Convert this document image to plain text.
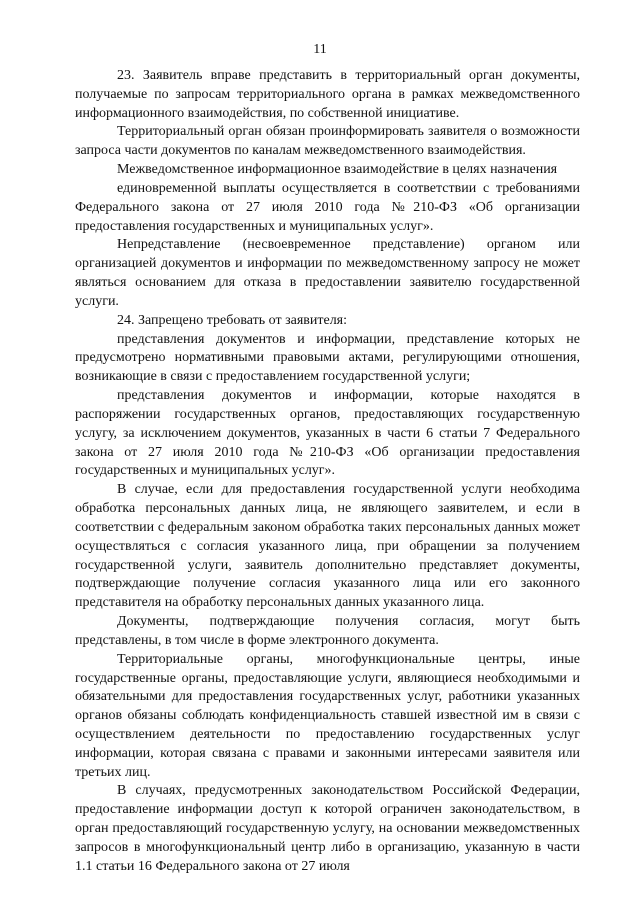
11

23. Заявитель вправе представить в территориальный орган документы, получаемые по запросам территориального органа в рамках межведомственного информационного взаимодействия, по собственной инициативе.

Территориальный орган обязан проинформировать заявителя о возможности запроса части документов по каналам межведомственного взаимодействия.

Межведомственное информационное взаимодействие в целях назначения

единовременной выплаты осуществляется в соответствии с требованиями Федерального закона от 27 июля 2010 года №210-ФЗ «Об организации предоставления государственных и муниципальных услуг».

Непредставление (несвоевременное представление) органом или организацией документов и информации по межведомственному запросу не может являться основанием для отказа в предоставлении заявителю государственной услуги.

24. Запрещено требовать от заявителя:

представления документов и информации, представление которых не предусмотрено нормативными правовыми актами, регулирующими отношения, возникающие в связи с предоставлением государственной услуги;

представления документов и информации, которые находятся в распоряжении государственных органов, предоставляющих государственную услугу, за исключением документов, указанных в части 6 статьи 7 Федерального закона от 27 июля 2010 года №210-ФЗ «Об организации предоставления государственных и муниципальных услуг».

В случае, если для предоставления государственной услуги необходима обработка персональных данных лица, не являющего заявителем, и если в соответствии с федеральным законом обработка таких персональных данных может осуществляться с согласия указанного лица, при обращении за получением государственной услуги, заявитель дополнительно представляет документы, подтверждающие получение согласия указанного лица или его законного представителя на обработку персональных данных указанного лица.

Документы, подтверждающие получения согласия, могут быть представлены, в том числе в форме электронного документа.

Территориальные органы, многофункциональные центры, иные государственные органы, предоставляющие услуги, являющиеся необходимыми и обязательными для предоставления государственных услуг, работники указанных органов обязаны соблюдать конфиденциальность ставшей известной им в связи с осуществлением деятельности по предоставлению государственных услуг информации, которая связана с правами и законными интересами заявителя или третьих лиц.

В случаях, предусмотренных законодательством Российской Федерации, предоставление информации доступ к которой ограничен законодательством, в орган предоставляющий государственную услугу, на основании межведомственных запросов в многофункциональный центр либо в организацию, указанную в части 1.1 статьи 16 Федерального закона от 27 июля
